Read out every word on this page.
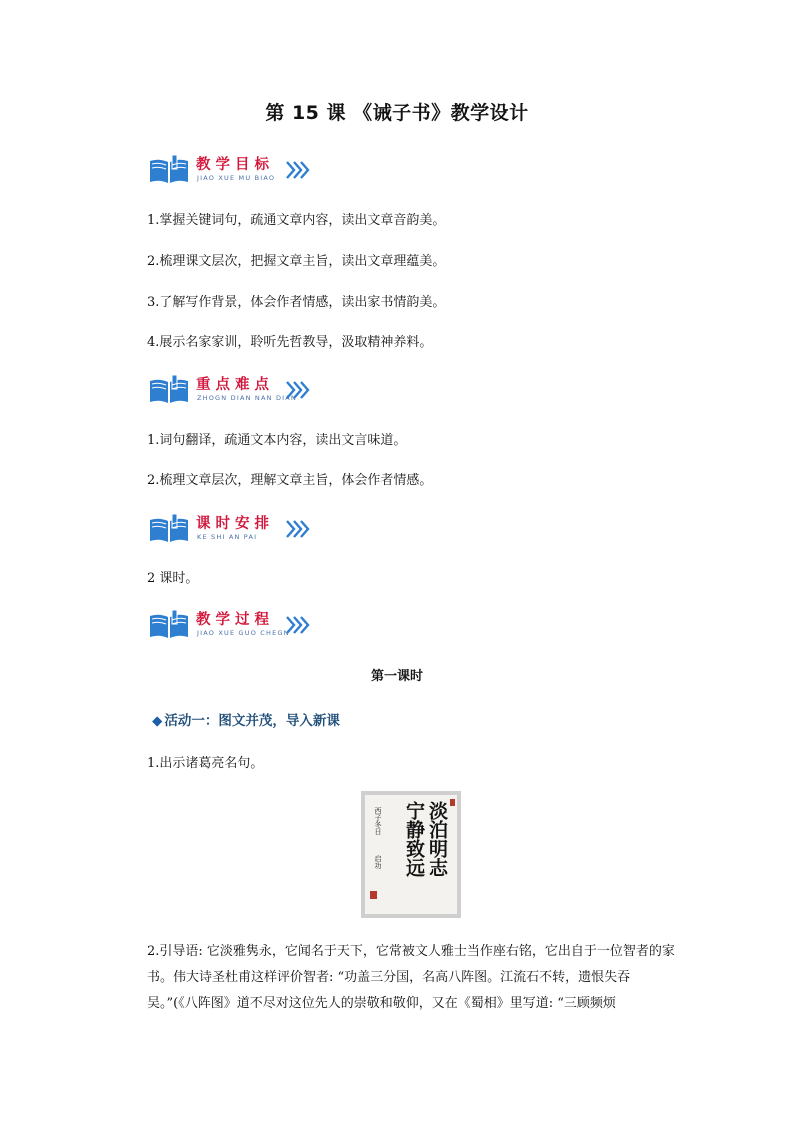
第 15 课 《诫子书》教学设计
教学目标
JIAO XUE MU BIAO
1.掌握关键词句，疏通文章内容，读出文章音韵美。
2.梳理课文层次，把握文章主旨，读出文章理蕴美。
3.了解写作背景，体会作者情感，读出家书情韵美。
4.展示名家家训，聆听先哲教导，汲取精神养料。
重点难点
ZHOGN DIAN NAN DIAN
1.词句翻译，疏通文本内容，读出文言味道。
2.梳理文章层次，理解文章主旨，体会作者情感。
课时安排
KE SHI AN PAI
2 课时。
教学过程
JIAO XUE GUO CHEGN
第一课时
◆ 活动一：图文并茂，导入新课
1.出示诸葛亮名句。
淡泊明志
宁静致远
西子冬日
启功
2.引导语: 它淡雅隽永，它闻名于天下，它常被文人雅士当作座右铭，它出自于一位智者的家书。伟大诗圣杜甫这样评价智者: “功盖三分国，名高八阵图。江流石不转，遗恨失吞吴。”(《八阵图》道不尽对这位先人的崇敬和敬仰，又在《蜀相》里写道: “三顾频烦
